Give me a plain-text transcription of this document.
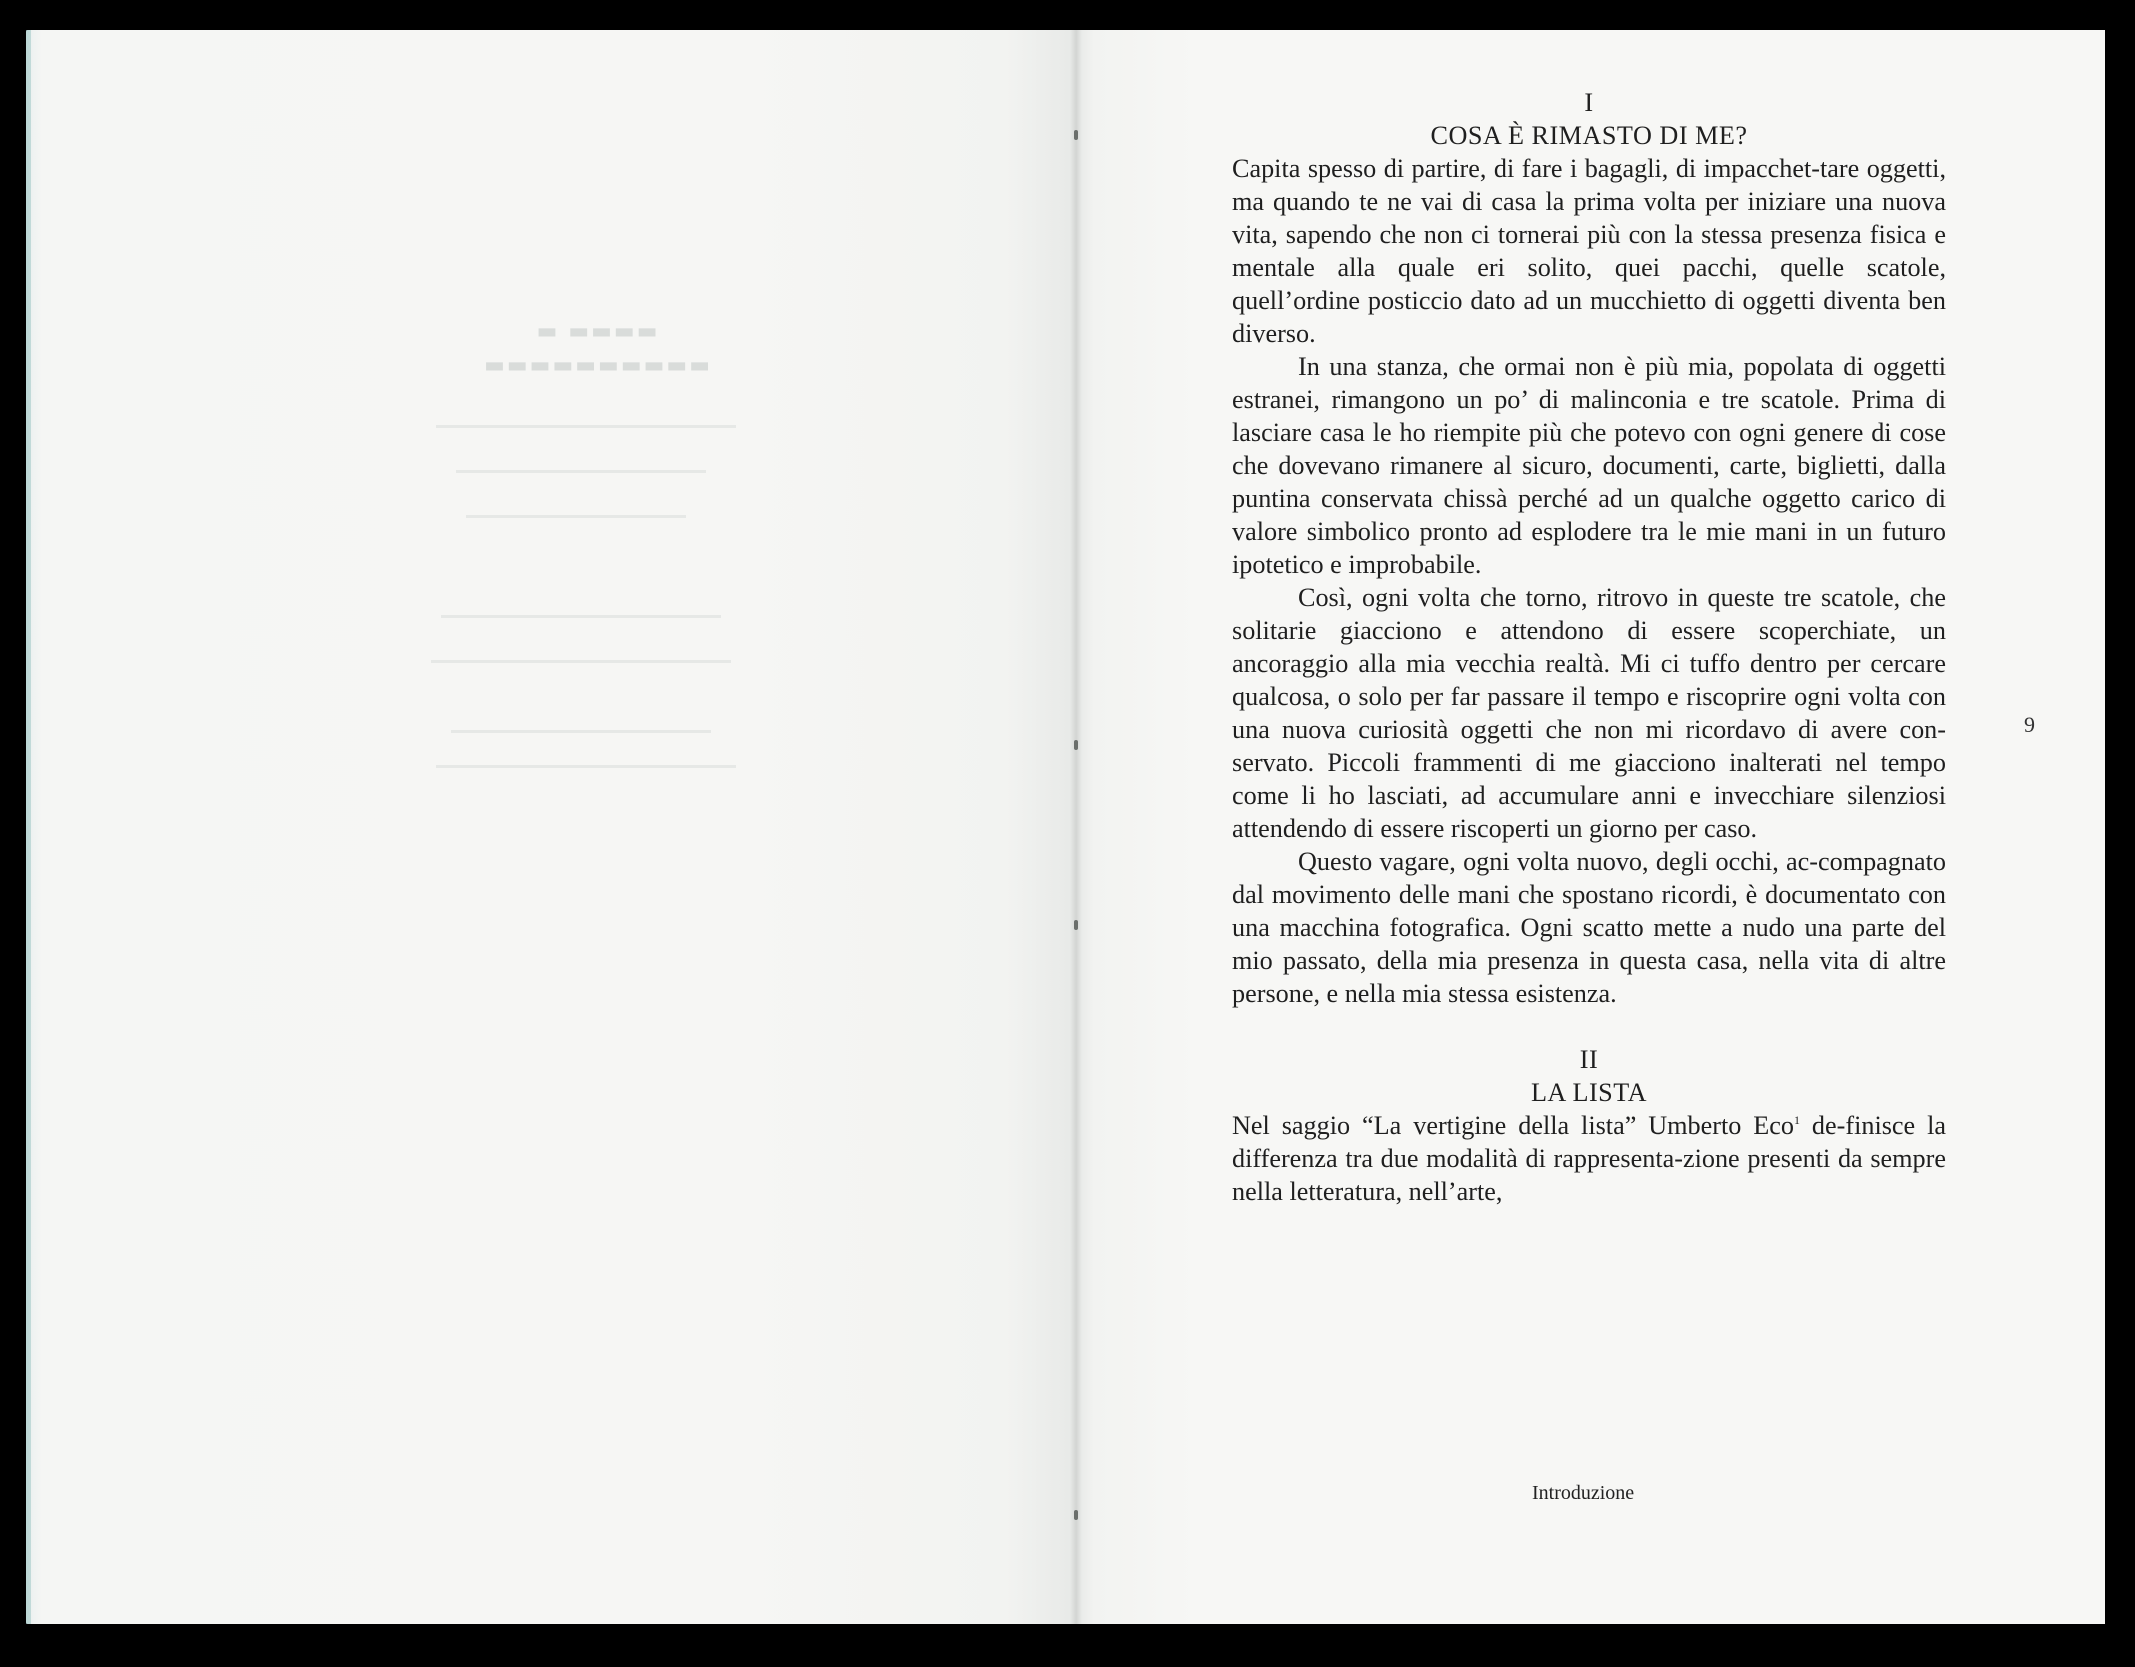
▬▬▬▬ ▬
▬▬▬▬▬▬▬▬▬▬
I
COSA È RIMASTO DI ME?

Capita spesso di partire, di fare i bagagli, di impacchet-tare oggetti, ma quando te ne vai di casa la prima volta per iniziare una nuova vita, sapendo che non ci tornerai più con la stessa presenza fisica e mentale alla quale eri solito, quei pacchi, quelle scatole, quell’ordine posticcio dato ad un mucchietto di oggetti diventa ben diverso.

In una stanza, che ormai non è più mia, popolata di oggetti estranei, rimangono un po’ di malinconia e tre scatole. Prima di lasciare casa le ho riempite più che potevo con ogni genere di cose che dovevano rimanere al sicuro, documenti, carte, biglietti, dalla puntina conservata chissà perché ad un qualche oggetto carico di valore simbolico pronto ad esplodere tra le mie mani in un futuro ipotetico e improbabile.

Così, ogni volta che torno, ritrovo in queste tre scatole, che solitarie giacciono e attendono di essere scoperchiate, un ancoraggio alla mia vecchia realtà. Mi ci tuffo dentro per cercare qualcosa, o solo per far passare il tempo e riscoprire ogni volta con una nuova curiosità oggetti che non mi ricordavo di avere con-servato. Piccoli frammenti di me giacciono inalterati nel tempo come li ho lasciati, ad accumulare anni e invecchiare silenziosi attendendo di essere riscoperti un giorno per caso.

Questo vagare, ogni volta nuovo, degli occhi, ac-compagnato dal movimento delle mani che spostano ricordi, è documentato con una macchina fotografica. Ogni scatto mette a nudo una parte del mio passato, della mia presenza in questa casa, nella vita di altre persone, e nella mia stessa esistenza.

II
LA LISTA

Nel saggio “La vertigine della lista” Umberto Eco$^1$ de-finisce la differenza tra due modalità di rappresenta-zione presenti da sempre nella letteratura, nell’arte,

9
Introduzione
